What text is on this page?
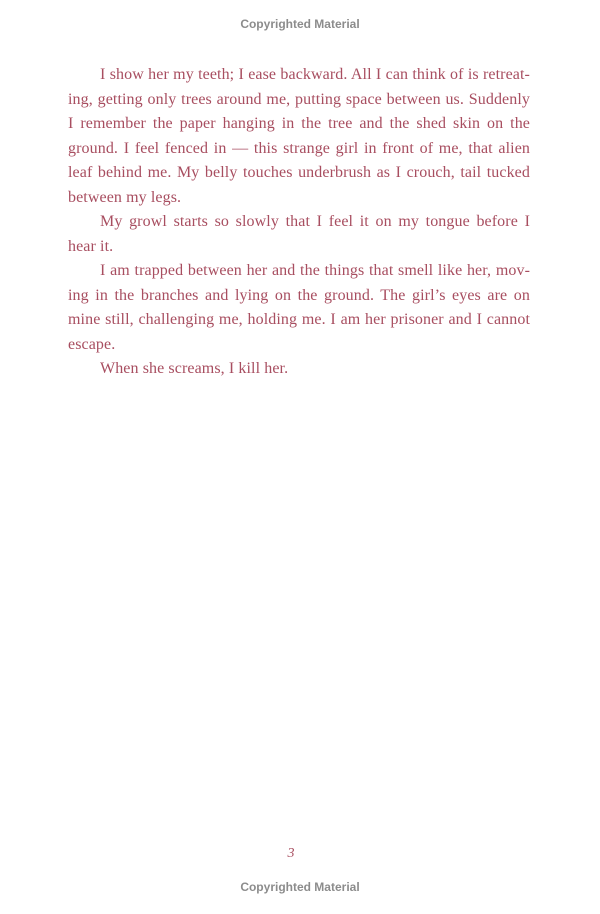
Copyrighted Material
I show her my teeth; I ease backward. All I can think of is retreat-
ing, getting only trees around me, putting space between us. Suddenly
I remember the paper hanging in the tree and the shed skin on the
ground. I feel fenced in — this strange girl in front of me, that alien
leaf behind me. My belly touches underbrush as I crouch, tail tucked
between my legs.
My growl starts so slowly that I feel it on my tongue before I
hear it.
I am trapped between her and the things that smell like her, mov-
ing in the branches and lying on the ground. The girl’s eyes are on
mine still, challenging me, holding me. I am her prisoner and I cannot
escape.
When she screams, I kill her.
3
Copyrighted Material
